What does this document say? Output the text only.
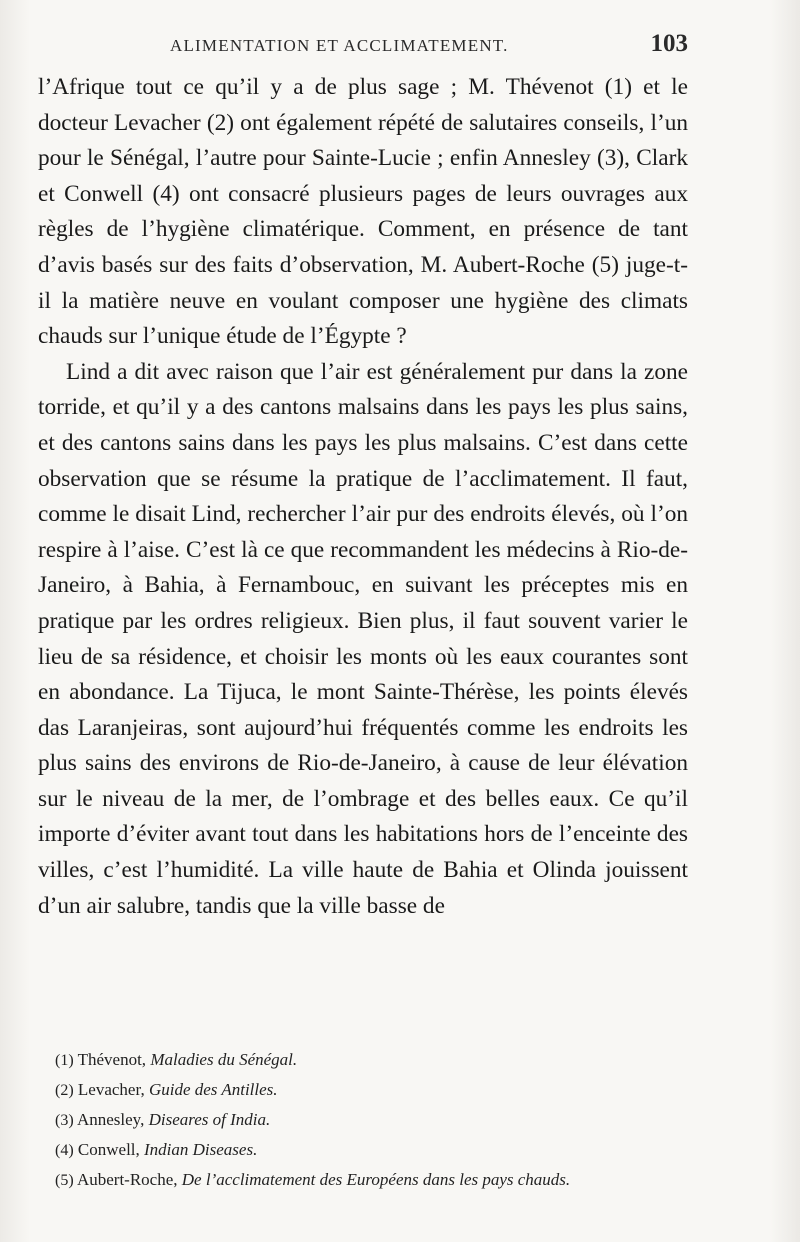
ALIMENTATION ET ACCLIMATEMENT.	103

l’Afrique tout ce qu’il y a de plus sage ; M. Thévenot (1) et le docteur Levacher (2) ont également répété de salutaires conseils, l’un pour le Sénégal, l’autre pour Sainte-Lucie ; enfin Annesley (3), Clark et Conwell (4) ont consacré plusieurs pages de leurs ouvrages aux règles de l’hygiène climatérique. Comment, en présence de tant d’avis basés sur des faits d’observation, M. Aubert-Roche (5) juge-t-il la matière neuve en voulant composer une hygiène des climats chauds sur l’unique étude de l’Égypte ?

Lind a dit avec raison que l’air est généralement pur dans la zone torride, et qu’il y a des cantons malsains dans les pays les plus sains, et des cantons sains dans les pays les plus malsains. C’est dans cette observation que se résume la pratique de l’acclimatement. Il faut, comme le disait Lind, rechercher l’air pur des endroits élevés, où l’on respire à l’aise. C’est là ce que recommandent les médecins à Rio-de-Janeiro, à Bahia, à Fernambouc, en suivant les préceptes mis en pratique par les ordres religieux. Bien plus, il faut souvent varier le lieu de sa résidence, et choisir les monts où les eaux courantes sont en abondance. La Tijuca, le mont Sainte-Thérèse, les points élevés das Laranjeiras, sont aujourd’hui fréquentés comme les endroits les plus sains des environs de Rio-de-Janeiro, à cause de leur élévation sur le niveau de la mer, de l’ombrage et des belles eaux. Ce qu’il importe d’éviter avant tout dans les habitations hors de l’enceinte des villes, c’est l’humidité. La ville haute de Bahia et Olinda jouissent d’un air salubre, tandis que la ville basse de

(1) Thévenot, Maladies du Sénégal.
(2) Levacher, Guide des Antilles.
(3) Annesley, Diseares of India.
(4) Conwell, Indian Diseases.
(5) Aubert-Roche, De l’acclimatement des Européens dans les pays chauds.
